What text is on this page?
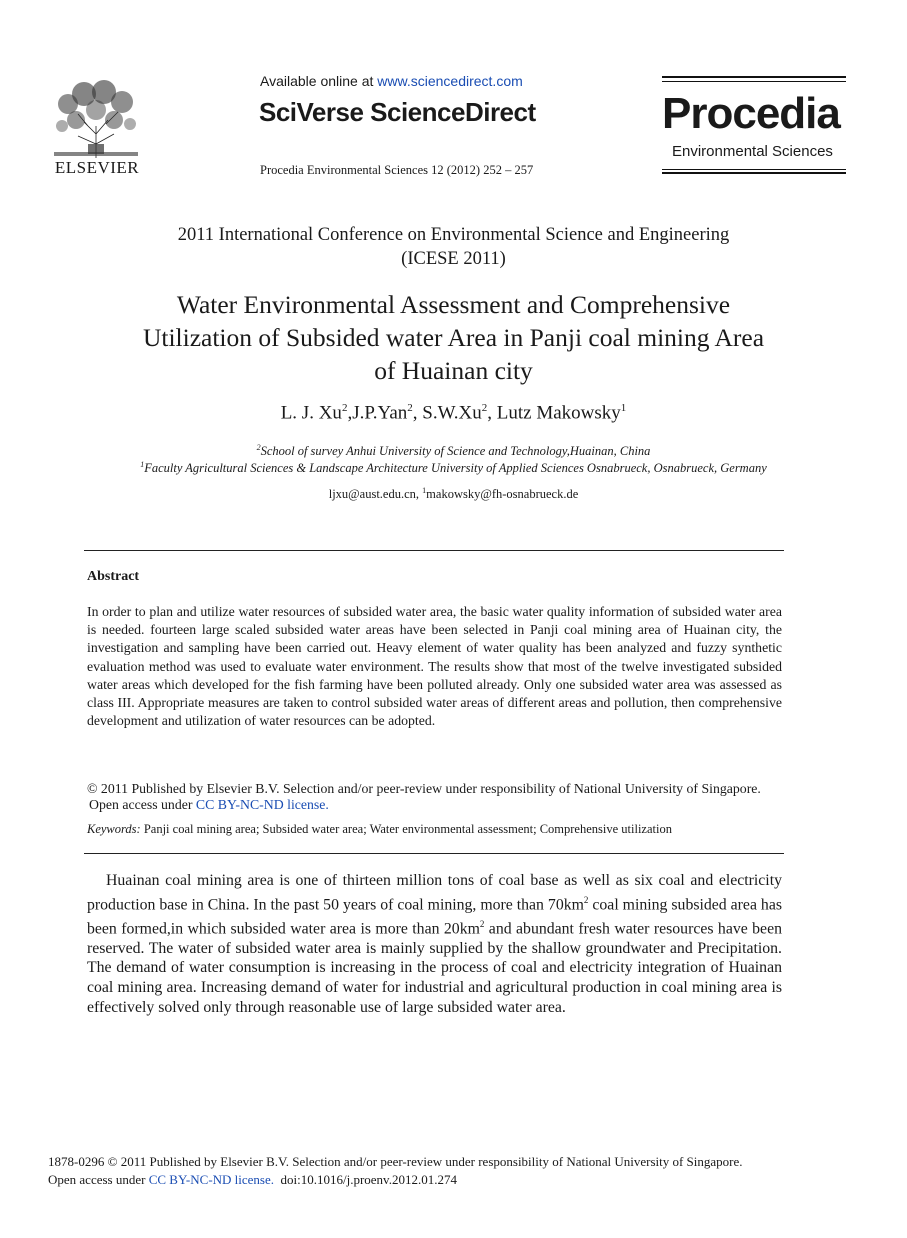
ELSEVIER
Available online at www.sciencedirect.com
SciVerse ScienceDirect
Procedia Environmental Sciences 12 (2012) 252 – 257
Procedia
Environmental Sciences
2011 International Conference on Environmental Science and Engineering
(ICESE 2011)
Water Environmental Assessment and Comprehensive
Utilization of Subsided water Area in Panji coal mining Area
of Huainan city
L. J. Xu$^2$,J.P.Yan$^2$, S.W.Xu$^2$, Lutz Makowsky$^1$
$^2$School of survey Anhui University of Science and Technology,Huainan, China
$^1$Faculty Agricultural Sciences & Landscape Architecture University of Applied Sciences Osnabrueck, Osnabrueck, Germany
ljxu@aust.edu.cn, $^1$makowsky@fh-osnabrueck.de
Abstract
In order to plan and utilize water resources of subsided water area, the basic water quality information of subsided water area is needed. fourteen large scaled subsided water areas have been selected in Panji coal mining area of Huainan city, the investigation and sampling have been carried out. Heavy element of water quality has been analyzed and fuzzy synthetic evaluation method was used to evaluate water environment. The results show that most of the twelve investigated subsided water areas which developed for the fish farming have been polluted already. Only one subsided water area was assessed as class III. Appropriate measures are taken to control subsided water areas of different areas and pollution, then comprehensive development and utilization of water resources can be adopted.
© 2011 Published by Elsevier B.V. Selection and/or peer-review under responsibility of National University of Singapore.
Open access under CC BY-NC-ND license.
Keywords: Panji coal mining area; Subsided water area; Water environmental assessment; Comprehensive utilization
Huainan coal mining area is one of thirteen million tons of coal base as well as six coal and electricity production base in China. In the past 50 years of coal mining, more than $70km^2$ coal mining subsided area has been formed,in which subsided water area is more than $20km^2$ and abundant fresh water resources have been reserved. The water of subsided water area is mainly supplied by the shallow groundwater and Precipitation. The demand of water consumption is increasing in the process of coal and electricity integration of Huainan coal mining area. Increasing demand of water for industrial and agricultural production in coal mining area is effectively solved only through reasonable use of large subsided water area.
1878-0296 © 2011 Published by Elsevier B.V. Selection and/or peer-review under responsibility of National University of Singapore.
Open access under CC BY-NC-ND license.  doi:10.1016/j.proenv.2012.01.274
